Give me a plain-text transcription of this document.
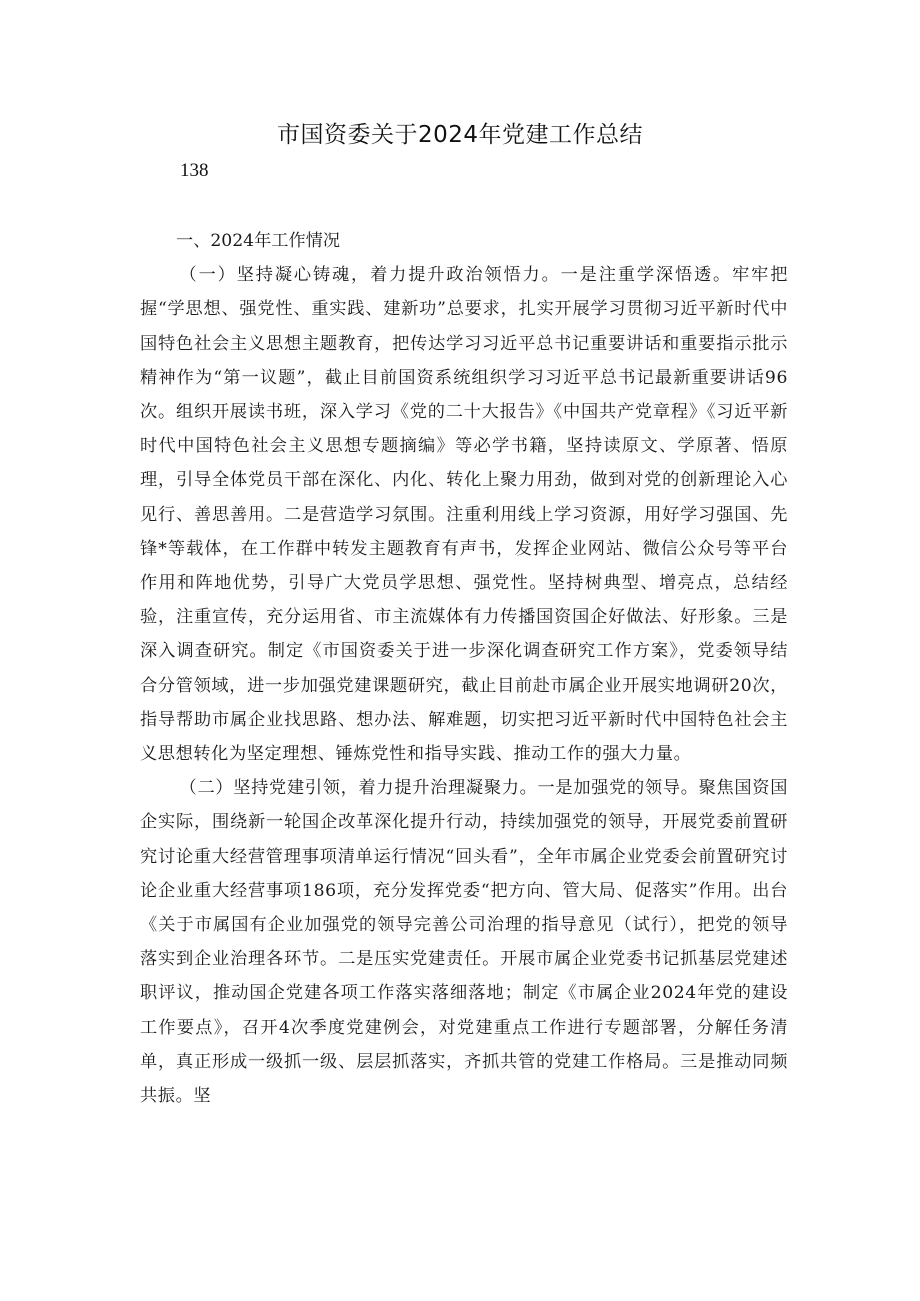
市国资委关于2024年党建工作总结
138

一、2024年工作情况

（一）坚持凝心铸魂，着力提升政治领悟力。一是注重学深悟透。牢牢把握“学思想、强党性、重实践、建新功”总要求，扎实开展学习贯彻习近平新时代中国特色社会主义思想主题教育，把传达学习习近平总书记重要讲话和重要指示批示精神作为“第一议题”，截止目前国资系统组织学习习近平总书记最新重要讲话96次。组织开展读书班，深入学习《党的二十大报告》《中国共产党章程》《习近平新时代中国特色社会主义思想专题摘编》等必学书籍，坚持读原文、学原著、悟原理，引导全体党员干部在深化、内化、转化上聚力用劲，做到对党的创新理论入心见行、善思善用。二是营造学习氛围。注重利用线上学习资源，用好学习强国、先锋*等载体，在工作群中转发主题教育有声书，发挥企业网站、微信公众号等平台作用和阵地优势，引导广大党员学思想、强党性。坚持树典型、增亮点，总结经验，注重宣传，充分运用省、市主流媒体有力传播国资国企好做法、好形象。三是深入调查研究。制定《市国资委关于进一步深化调查研究工作方案》，党委领导结合分管领域，进一步加强党建课题研究，截止目前赴市属企业开展实地调研20次，指导帮助市属企业找思路、想办法、解难题，切实把习近平新时代中国特色社会主义思想转化为坚定理想、锤炼党性和指导实践、推动工作的强大力量。

（二）坚持党建引领，着力提升治理凝聚力。一是加强党的领导。聚焦国资国企实际，围绕新一轮国企改革深化提升行动，持续加强党的领导，开展党委前置研究讨论重大经营管理事项清单运行情况“回头看”，全年市属企业党委会前置研究讨论企业重大经营事项186项，充分发挥党委“把方向、管大局、促落实”作用。出台《关于市属国有企业加强党的领导完善公司治理的指导意见（试行），把党的领导落实到企业治理各环节。二是压实党建责任。开展市属企业党委书记抓基层党建述职评议，推动国企党建各项工作落实落细落地；制定《市属企业2024年党的建设工作要点》，召开4次季度党建例会，对党建重点工作进行专题部署，分解任务清单，真正形成一级抓一级、层层抓落实，齐抓共管的党建工作格局。三是推动同频共振。坚
